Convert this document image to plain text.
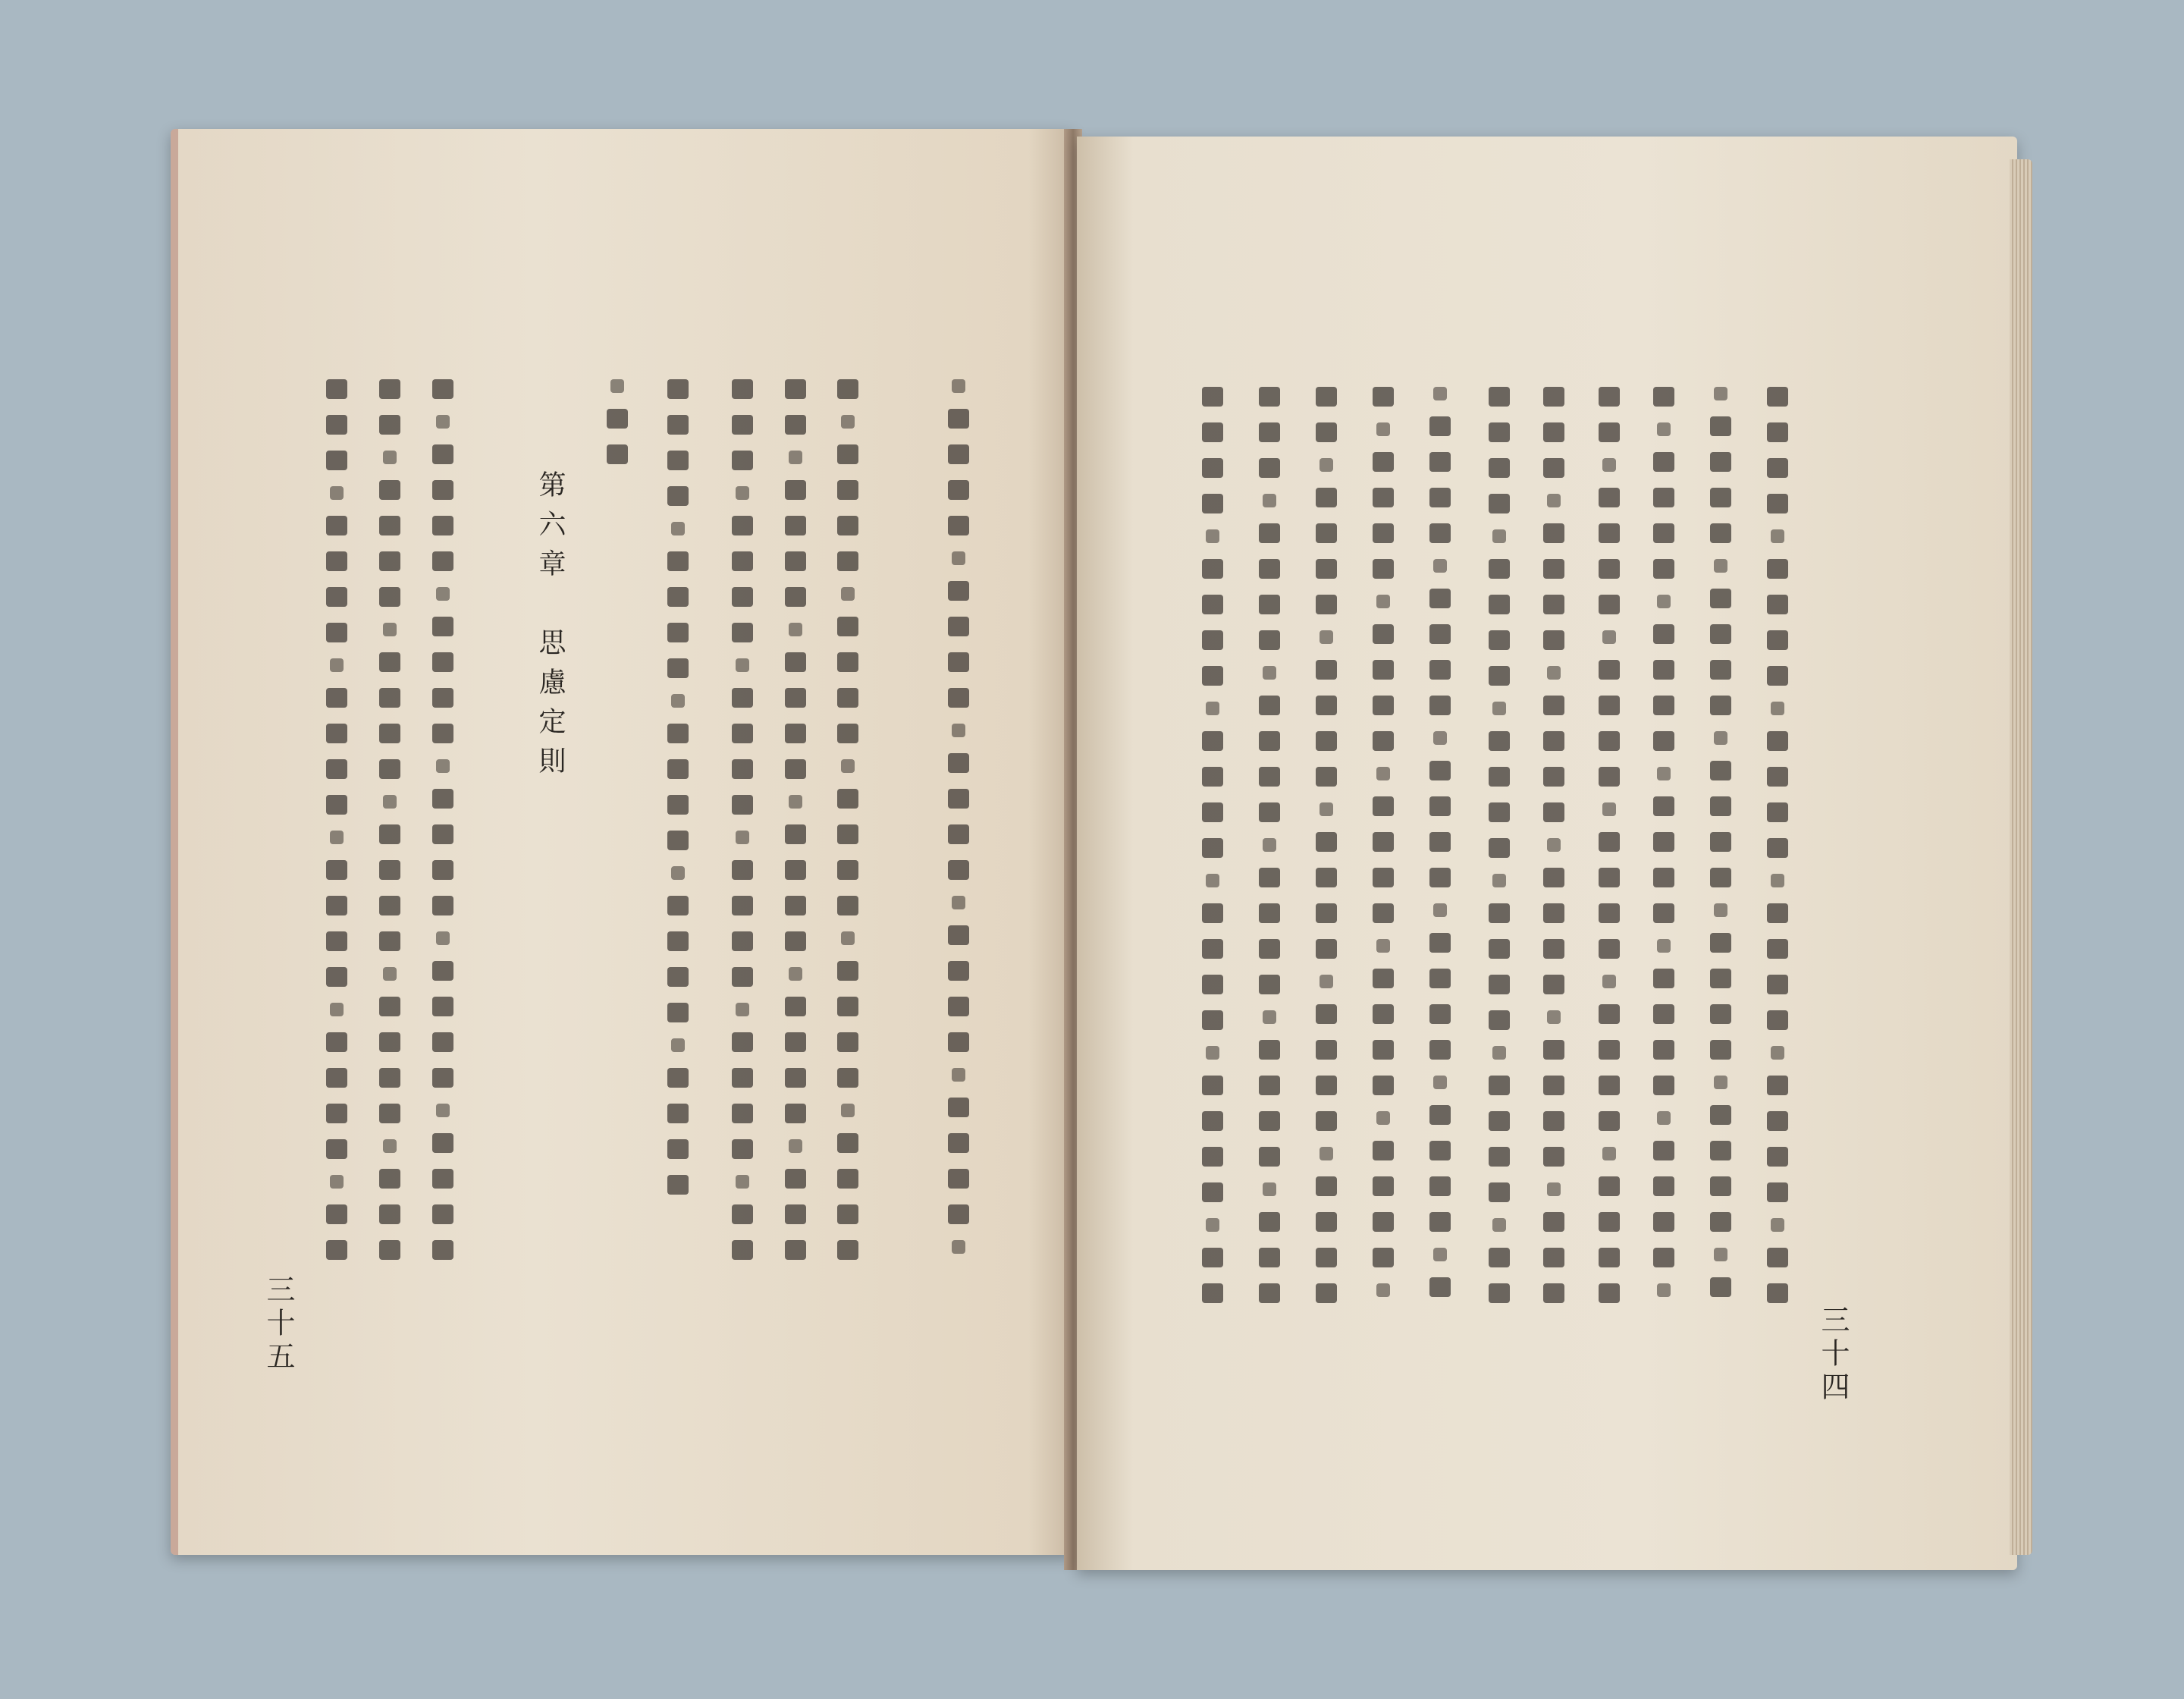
第六章　思慮定則
三十五	三十四
